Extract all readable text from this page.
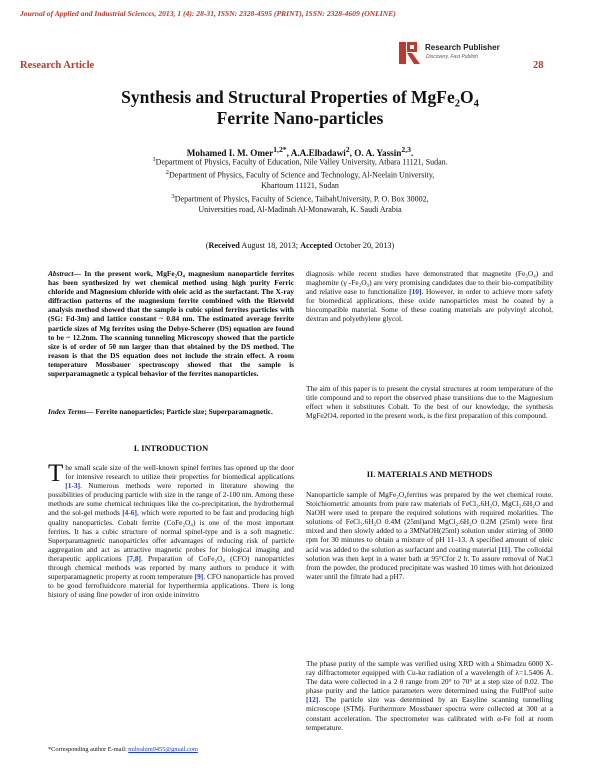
Journal of Applied and Industrial Sciences, 2013, 1 (4): 28-31, ISSN: 2328-4595 (PRINT), ISSN: 2328-4609 (ONLINE)
Research Publisher
Discovery, Fast Publish
Research Article	28
Synthesis and Structural Properties of MgFe₂O₄
Ferrite Nano-particles
Mohamed I. M. Omer$^{1,2*}$, A.A.Elbadawi$^2$, O. A. Yassin$^{2,3}$.
$^1$Department of Physics, Faculty of Education, Nile Valley University, Atbara 11121, Sudan.
$^2$Department of Physics, Faculty of Science and Technology, Al-Neelain University, Khartoum 11121, Sudan
$^3$Department of Physics, Faculty of Science, TaibahUniversity, P. O. Box 30002, Universities road, Al-Madinah Al-Monawarah, K. Saudi Arabia
(Received August 18, 2013; Accepted October 20, 2013)
Abstract— In the present work, MgFe₂O₄ magnesium nanoparticle ferrites has been synthesized by wet chemical method using high purity Ferric chloride and Magnesium chloride with oleic acid as the surfactant. The X-ray diffraction patterns of the magnesium ferrite combined with the Rietveld analysis method showed that the sample is cubic spinel ferrites particles with (SG: Fd-3m) and lattice constant ~ 0.84 nm. The estimated average ferrite particle sizes of Mg ferrites using the Debye-Scherer (DS) equation are found to be ~ 12.2nm. The scanning tunneling Microscopy showed that the particle size is of order of 50 nm larger than that obtained by the DS method. The reason is that the DS equation does not include the strain effect. A room temperature Mossbauer spectroscopy showed that the sample is superparamagnetic a typical behavior of the ferrites nanoparticles.
Index Terms— Ferrite nanoparticles; Particle size; Superparamagnetic.
I. INTRODUCTION
The small scale size of the well-known spinel ferrites has opened up the door for intensive research to utilize their properties for biomedical applications [1-3]. Numerous methods were reported in literature showing the possibilities of producing particle with size in the range of 2-100 nm. Among these methods are some chemical techniques like the co-precipitation, the hydrothermal and the sol-gel methods [4-6], which were reported to be fast and producing high quality nanoparticles. Cobalt ferrite (CoFe₂O₄) is one of the most important ferrites. It has a cubic structure of normal spinel-type and is a soft magnetic. Superparamagnetic nanoparticles offer advantages of reducing risk of particle aggregation and act as attractive magnetic probes for biological imaging and therapeutic applications [7,8]. Preparation of CoFe₂O₄ (CFO) nanoparticles through chemical methods was reported by many authors to produce it with superparamagnetic property at room temperature [9]. CFO nanoparticle has proved to be good ferrofluidcore material for hyperthermia applications. There is long history of using fine powder of iron oxide ininvitro
*Corresponding author E-mail: mibrahim9455@gmail.com
diagnosis while recent studies have demonstrated that magnetite (Fe₃O₄) and maghemite (γ -Fe₂O₃) are very promising candidates due to their bio-compatibility and relative ease to functionalize [10]. However, in order to achieve more safety for biomedical applications, these oxide nanoparticles must be coated by a biocompatible material. Some of these coating materials are polyvinyl alcohol, dextran and polyethylene glycol.
The aim of this paper is to present the crystal structures at room temperature of the title compound and to report the observed phase transitions due to the Magnesium effect when it substitutes Cobalt. To the best of our knowledge, the synthesis MgFe2O4, reported in the present work, is the first preparation of this compound.
II. MATERIALS AND METHODS
Nanoparticle sample of MgFe₂O₄ferrites was prepared by the wet chemical route. Stoichiometric amounts from pure raw materials of FeCl₃.6H₂O, MgCl₂.6H₂O and NaOH were used to prepare the required solutions with required molarities. The solutions of FeCl₃.6H₂O 0.4M (25ml)and MgCl₂.6H₂O 0.2M (25ml) were first mixed and then slowly added to a 3MNaOH(25ml) solution under stirring of 3000 rpm for 30 minutes to obtain a mixture of pH 11–13. A specified amount of oleic acid was added to the solution as surfactant and coating material [11]. The colloidal solution was then kept in a water bath at 95°Cfor 2 h. To assure removal of NaCl from the powder, the produced precipitate was washed 10 times with hot deionized water until the filtrate had a pH7.
The phase purity of the sample was verified using XRD with a Shimadzu 6000 X-ray diffractometer equipped with Cu-kα radiation of a wavelength of λ=1.5406 Å. The data were collected in a 2 θ range from 20° to 70° at a step size of 0.02. The phase purity and the lattice parameters were determined using the FullProf suite [12]. The particle size was determined by an Easyline scanning tunnelling microscope (STM). Furthermore Mossbauer spectra were collected at 300 at a constant acceleration. The spectrometer was calibrated with α-Fe foil at room temperature.
